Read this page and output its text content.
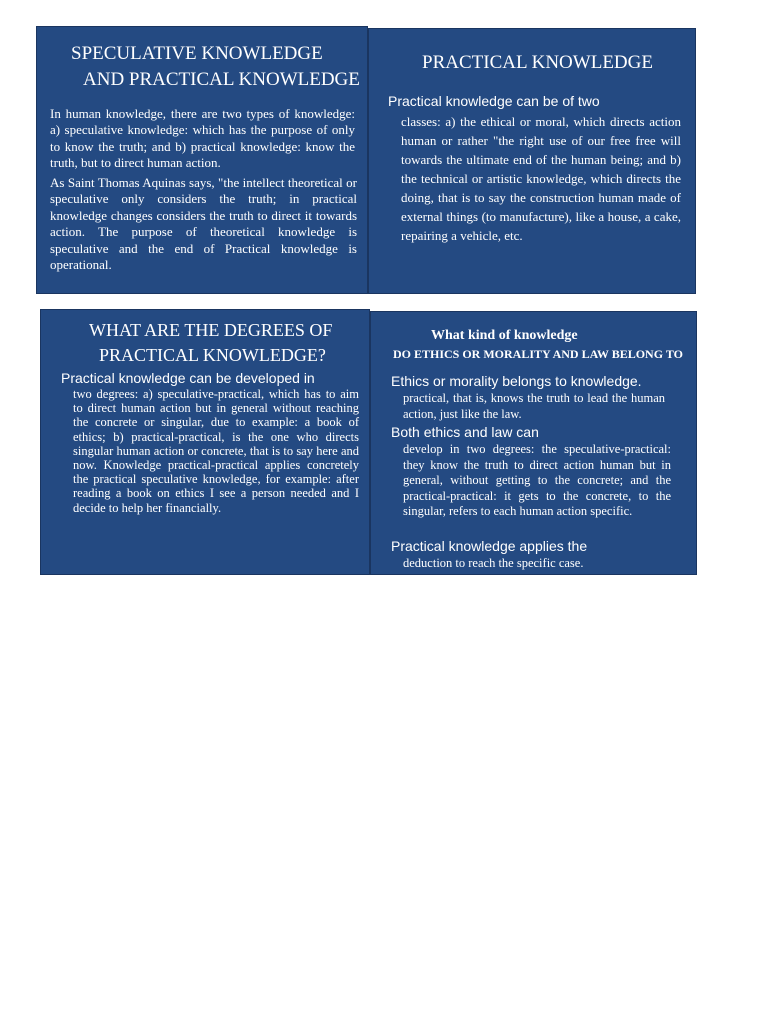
SPECULATIVE KNOWLEDGE
AND PRACTICAL KNOWLEDGE

In human knowledge, there are two types of knowledge: a) speculative knowledge: which has the purpose of only to know the truth; and b) practical knowledge: know the truth, but to direct human action.

As Saint Thomas Aquinas says, "the intellect theoretical or speculative only considers the truth; in practical knowledge changes considers the truth to direct it towards action. The purpose of theoretical knowledge is speculative and the end of Practical knowledge is operational.

PRACTICAL KNOWLEDGE

Practical knowledge can be of two

classes: a) the ethical or moral, which directs action human or rather "the right use of our free free will towards the ultimate end of the human being; and b) the technical or artistic knowledge, which directs the doing, that is to say the construction human made of external things (to manufacture), like a house, a cake, repairing a vehicle, etc.

WHAT ARE THE DEGREES OF
PRACTICAL KNOWLEDGE?

Practical knowledge can be developed in

two degrees: a) speculative-practical, which has to aim to direct human action but in general without reaching the concrete or singular, due to example: a book of ethics; b) practical-practical, is the one who directs singular human action or concrete, that is to say here and now. Knowledge practical-practical applies concretely the practical speculative knowledge, for example: after reading a book on ethics I see a person needed and I decide to help her financially.

What kind of knowledge
DO ETHICS OR MORALITY AND LAW BELONG TO

Ethics or morality belongs to knowledge.

practical, that is, knows the truth to lead the human action, just like the law.

Both ethics and law can

develop in two degrees: the speculative-practical: they know the truth to direct action human but in general, without getting to the concrete; and the practical-practical: it gets to the concrete, to the singular, refers to each human action specific.

Practical knowledge applies the

deduction to reach the specific case.
